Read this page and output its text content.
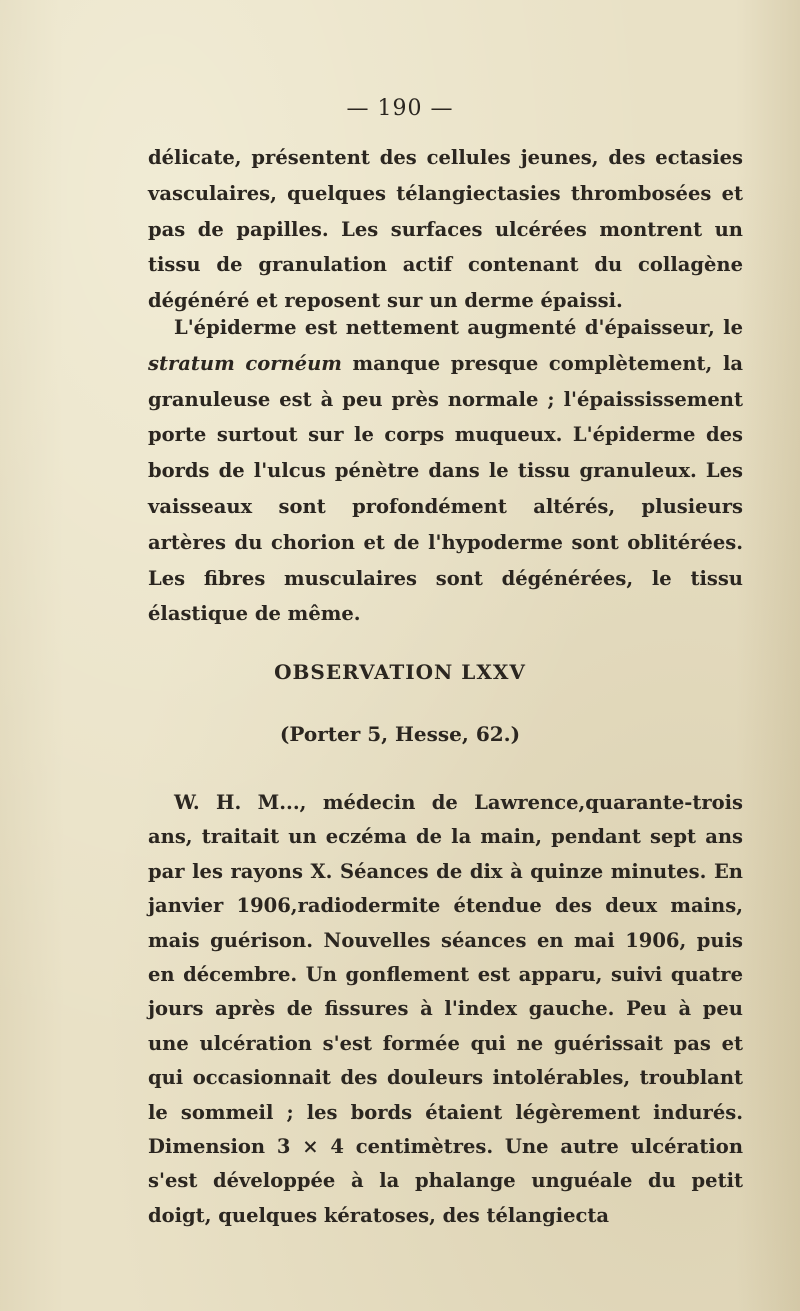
— 190 —

délicate, présentent des cellules jeunes, des ectasies vasculaires, quelques télangiectasies thrombosées et pas de papilles. Les surfaces ulcérées montrent un tissu de granulation actif contenant du collagène dégénéré et reposent sur un derme épaissi.

L'épiderme est nettement augmenté d'épaisseur, le stratum cornéum manque presque complètement, la granuleuse est à peu près normale ; l'épaississement porte surtout sur le corps muqueux. L'épiderme des bords de l'ulcus pénètre dans le tissu granuleux. Les vaisseaux sont profondément altérés, plusieurs artères du chorion et de l'hypoderme sont oblitérées. Les fibres musculaires sont dégénérées, le tissu élastique de même.

OBSERVATION LXXV
(Porter 5, Hesse, 62.)

W. H. M..., médecin de Lawrence,quarante-trois ans, traitait un eczéma de la main, pendant sept ans par les rayons X. Séances de dix à quinze minutes. En janvier 1906,radiodermite étendue des deux mains, mais guérison. Nouvelles séances en mai 1906, puis en décembre. Un gonflement est apparu, suivi quatre jours après de fissures à l'index gauche. Peu à peu une ulcération s'est formée qui ne guérissait pas et qui occasionnait des douleurs intolérables, troublant le sommeil ; les bords étaient légèrement indurés. Dimension 3 × 4 centimètres. Une autre ulcération s'est développée à la phalange unguéale du petit doigt, quelques kératoses, des télangiecta
